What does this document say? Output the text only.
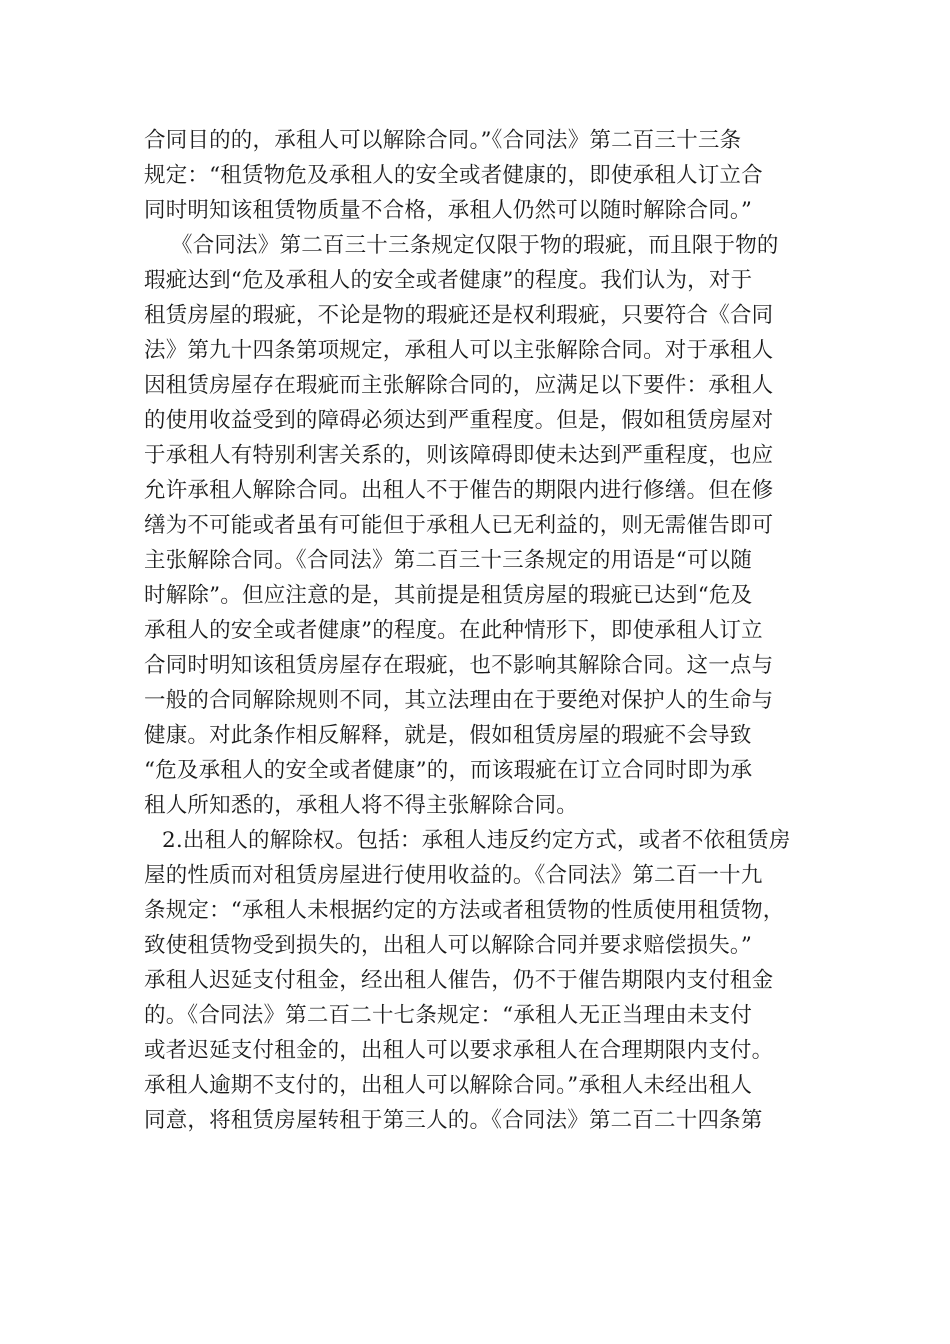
合同目的的，承租人可以解除合同。”《合同法》第二百三十三条
规定：“租赁物危及承租人的安全或者健康的，即使承租人订立合
同时明知该租赁物质量不合格，承租人仍然可以随时解除合同。”
《合同法》第二百三十三条规定仅限于物的瑕疵，而且限于物的
瑕疵达到“危及承租人的安全或者健康”的程度。我们认为，对于
租赁房屋的瑕疵，不论是物的瑕疵还是权利瑕疵，只要符合《合同
法》第九十四条第项规定，承租人可以主张解除合同。对于承租人
因租赁房屋存在瑕疵而主张解除合同的，应满足以下要件：承租人
的使用收益受到的障碍必须达到严重程度。但是，假如租赁房屋对
于承租人有特别利害关系的，则该障碍即使未达到严重程度，也应
允许承租人解除合同。出租人不于催告的期限内进行修缮。但在修
缮为不可能或者虽有可能但于承租人已无利益的，则无需催告即可
主张解除合同。《合同法》第二百三十三条规定的用语是“可以随
时解除”。但应注意的是，其前提是租赁房屋的瑕疵已达到“危及
承租人的安全或者健康”的程度。在此种情形下，即使承租人订立
合同时明知该租赁房屋存在瑕疵，也不影响其解除合同。这一点与
一般的合同解除规则不同，其立法理由在于要绝对保护人的生命与
健康。对此条作相反解释，就是，假如租赁房屋的瑕疵不会导致
“危及承租人的安全或者健康”的，而该瑕疵在订立合同时即为承
租人所知悉的，承租人将不得主张解除合同。
2.出租人的解除权。包括：承租人违反约定方式，或者不依租赁房
屋的性质而对租赁房屋进行使用收益的。《合同法》第二百一十九
条规定：“承租人未根据约定的方法或者租赁物的性质使用租赁物，
致使租赁物受到损失的，出租人可以解除合同并要求赔偿损失。”
承租人迟延支付租金，经出租人催告，仍不于催告期限内支付租金
的。《合同法》第二百二十七条规定：“承租人无正当理由未支付
或者迟延支付租金的，出租人可以要求承租人在合理期限内支付。
承租人逾期不支付的，出租人可以解除合同。”承租人未经出租人
同意，将租赁房屋转租于第三人的。《合同法》第二百二十四条第
